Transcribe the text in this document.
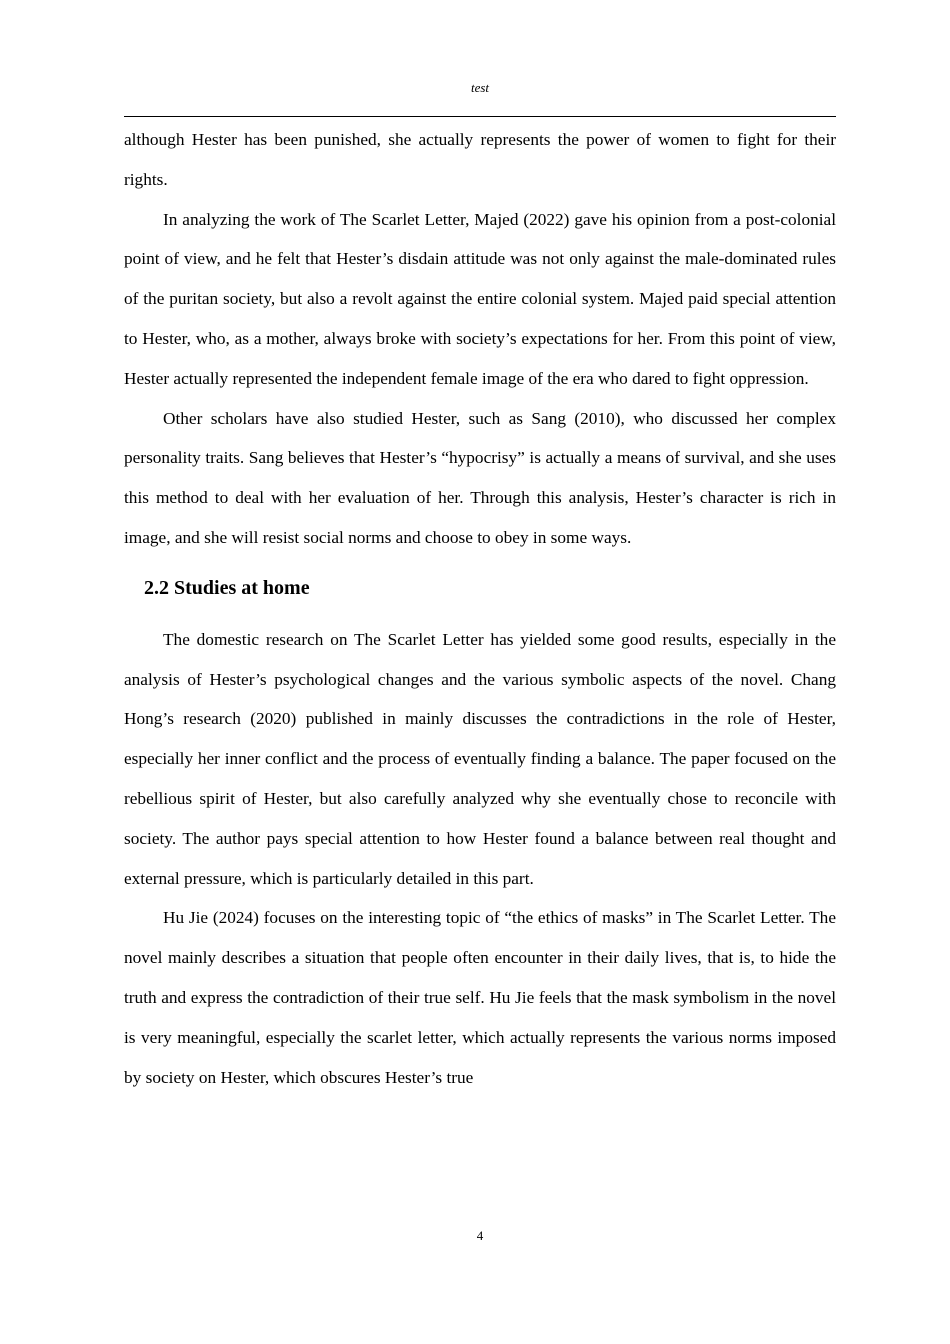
test

although Hester has been punished, she actually represents the power of women to fight for their rights.

In analyzing the work of The Scarlet Letter, Majed (2022) gave his opinion from a post-colonial point of view, and he felt that Hester’s disdain attitude was not only against the male-dominated rules of the puritan society, but also a revolt against the entire colonial system. Majed paid special attention to Hester, who, as a mother, always broke with society’s expectations for her. From this point of view, Hester actually represented the independent female image of the era who dared to fight oppression.

Other scholars have also studied Hester, such as Sang (2010), who discussed her complex personality traits. Sang believes that Hester’s “hypocrisy” is actually a means of survival, and she uses this method to deal with her evaluation of her. Through this analysis, Hester’s character is rich in image, and she will resist social norms and choose to obey in some ways.

2.2 Studies at home

The domestic research on The Scarlet Letter has yielded some good results, especially in the analysis of Hester’s psychological changes and the various symbolic aspects of the novel. Chang Hong’s research (2020) published in mainly discusses the contradictions in the role of Hester, especially her inner conflict and the process of eventually finding a balance. The paper focused on the rebellious spirit of Hester, but also carefully analyzed why she eventually chose to reconcile with society. The author pays special attention to how Hester found a balance between real thought and external pressure, which is particularly detailed in this part.

Hu Jie (2024) focuses on the interesting topic of “the ethics of masks” in The Scarlet Letter. The novel mainly describes a situation that people often encounter in their daily lives, that is, to hide the truth and express the contradiction of their true self. Hu Jie feels that the mask symbolism in the novel is very meaningful, especially the scarlet letter, which actually represents the various norms imposed by society on Hester, which obscures Hester’s true

4
